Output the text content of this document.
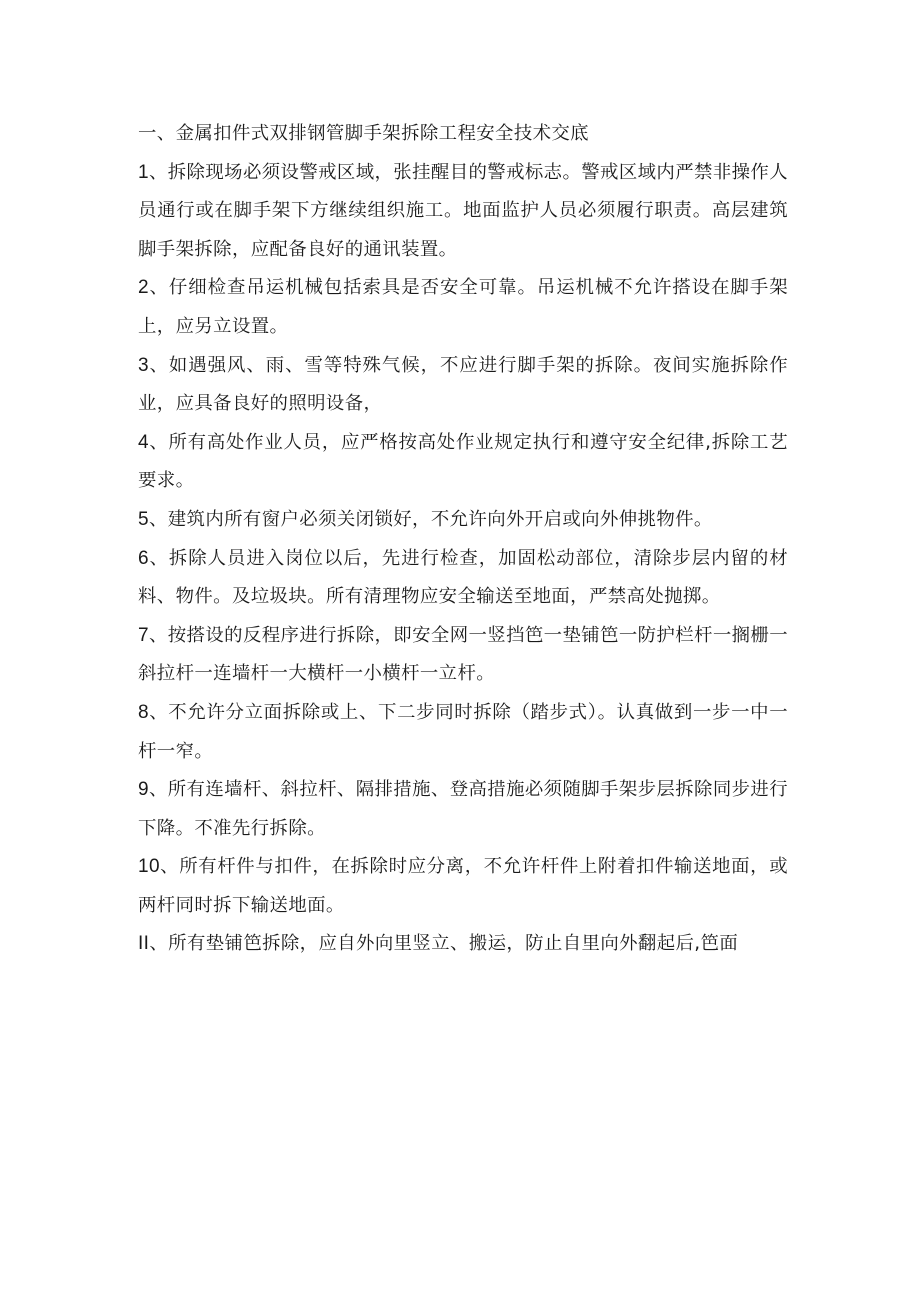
一、金属扣件式双排钢管脚手架拆除工程安全技术交底

1、拆除现场必须设警戒区域，张挂醒目的警戒标志。警戒区域内严禁非操作人员通行或在脚手架下方继续组织施工。地面监护人员必须履行职责。高层建筑脚手架拆除，应配备良好的通讯装置。

2、仔细检查吊运机械包括索具是否安全可靠。吊运机械不允许搭设在脚手架上，应另立设置。

3、如遇强风、雨、雪等特殊气候，不应进行脚手架的拆除。夜间实施拆除作业，应具备良好的照明设备，

4、所有高处作业人员，应严格按高处作业规定执行和遵守安全纪律,拆除工艺要求。

5、建筑内所有窗户必须关闭锁好，不允许向外开启或向外伸挑物件。

6、拆除人员进入岗位以后，先进行检查，加固松动部位，清除步层内留的材料、物件。及垃圾块。所有清理物应安全输送至地面，严禁高处抛掷。

7、按搭设的反程序进行拆除，即安全网一竖挡笆一垫铺笆一防护栏杆一搁栅一斜拉杆一连墙杆一大横杆一小横杆一立杆。

8、不允许分立面拆除或上、下二步同时拆除（踏步式）。认真做到一步一中一杆一窄。

9、所有连墙杆、斜拉杆、隔排措施、登高措施必须随脚手架步层拆除同步进行下降。不准先行拆除。

10、所有杆件与扣件，在拆除时应分离，不允许杆件上附着扣件输送地面，或两杆同时拆下输送地面。

II、所有垫铺笆拆除，应自外向里竖立、搬运，防止自里向外翻起后,笆面
